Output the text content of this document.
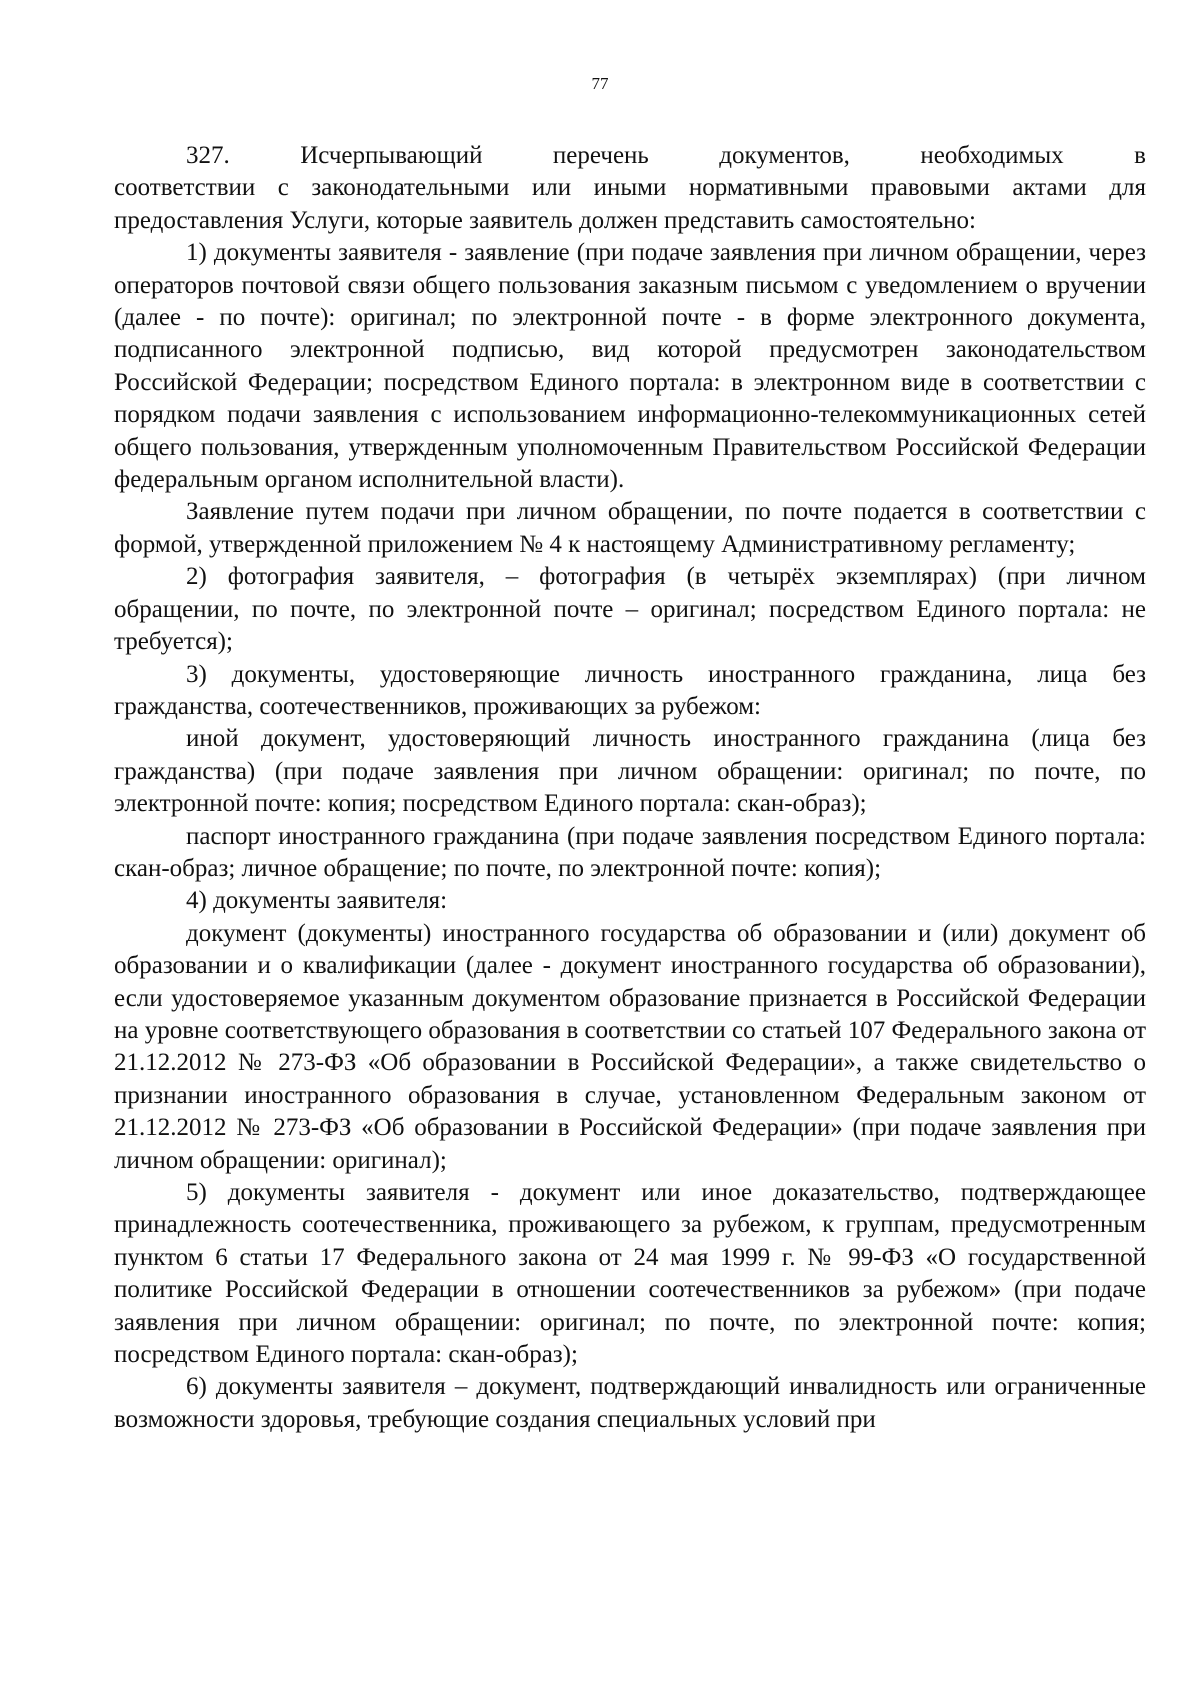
77
327.	Исчерпывающий	перечень	документов,	необходимых	в

соответствии с законодательными или иными нормативными правовыми актами для предоставления Услуги, которые заявитель должен представить самостоятельно:

1) документы заявителя - заявление (при подаче заявления при личном обращении, через операторов почтовой связи общего пользования заказным письмом с уведомлением о вручении (далее - по почте): оригинал; по электронной почте - в форме электронного документа, подписанного электронной подписью, вид которой предусмотрен законодательством Российской Федерации; посредством Единого портала: в электронном виде в соответствии с порядком подачи заявления с использованием информационно-телекоммуникационных сетей общего пользования, утвержденным уполномоченным Правительством Российской Федерации федеральным органом исполнительной власти).

Заявление путем подачи при личном обращении, по почте подается в соответствии с формой, утвержденной приложением № 4 к настоящему Административному регламенту;

2) фотография заявителя, – фотография (в четырёх экземплярах) (при личном обращении, по почте, по электронной почте – оригинал; посредством Единого портала: не требуется);

3) документы, удостоверяющие личность иностранного гражданина, лица без гражданства, соотечественников, проживающих за рубежом:

иной документ, удостоверяющий личность иностранного гражданина (лица без гражданства) (при подаче заявления при личном обращении: оригинал; по почте, по электронной почте: копия; посредством Единого портала: скан-образ);

паспорт иностранного гражданина (при подаче заявления посредством Единого портала: скан-образ; личное обращение; по почте, по электронной почте: копия);

4) документы заявителя:

документ (документы) иностранного государства об образовании и (или) документ об образовании и о квалификации (далее - документ иностранного государства об образовании), если удостоверяемое указанным документом образование признается в Российской Федерации на уровне соответствующего образования в соответствии со статьей 107 Федерального закона от 21.12.2012 № 273-ФЗ «Об образовании в Российской Федерации», а также свидетельство о признании иностранного образования в случае, установленном Федеральным законом от 21.12.2012 № 273-ФЗ «Об образовании в Российской Федерации» (при подаче заявления при личном обращении: оригинал);

5) документы заявителя - документ или иное доказательство, подтверждающее принадлежность соотечественника, проживающего за рубежом, к группам, предусмотренным пунктом 6 статьи 17 Федерального закона от 24 мая 1999 г. № 99-ФЗ «О государственной политике Российской Федерации в отношении соотечественников за рубежом» (при подаче заявления при личном обращении: оригинал; по почте, по электронной почте: копия; посредством Единого портала: скан-образ);

6) документы заявителя – документ, подтверждающий инвалидность или ограниченные возможности здоровья, требующие создания специальных условий при
